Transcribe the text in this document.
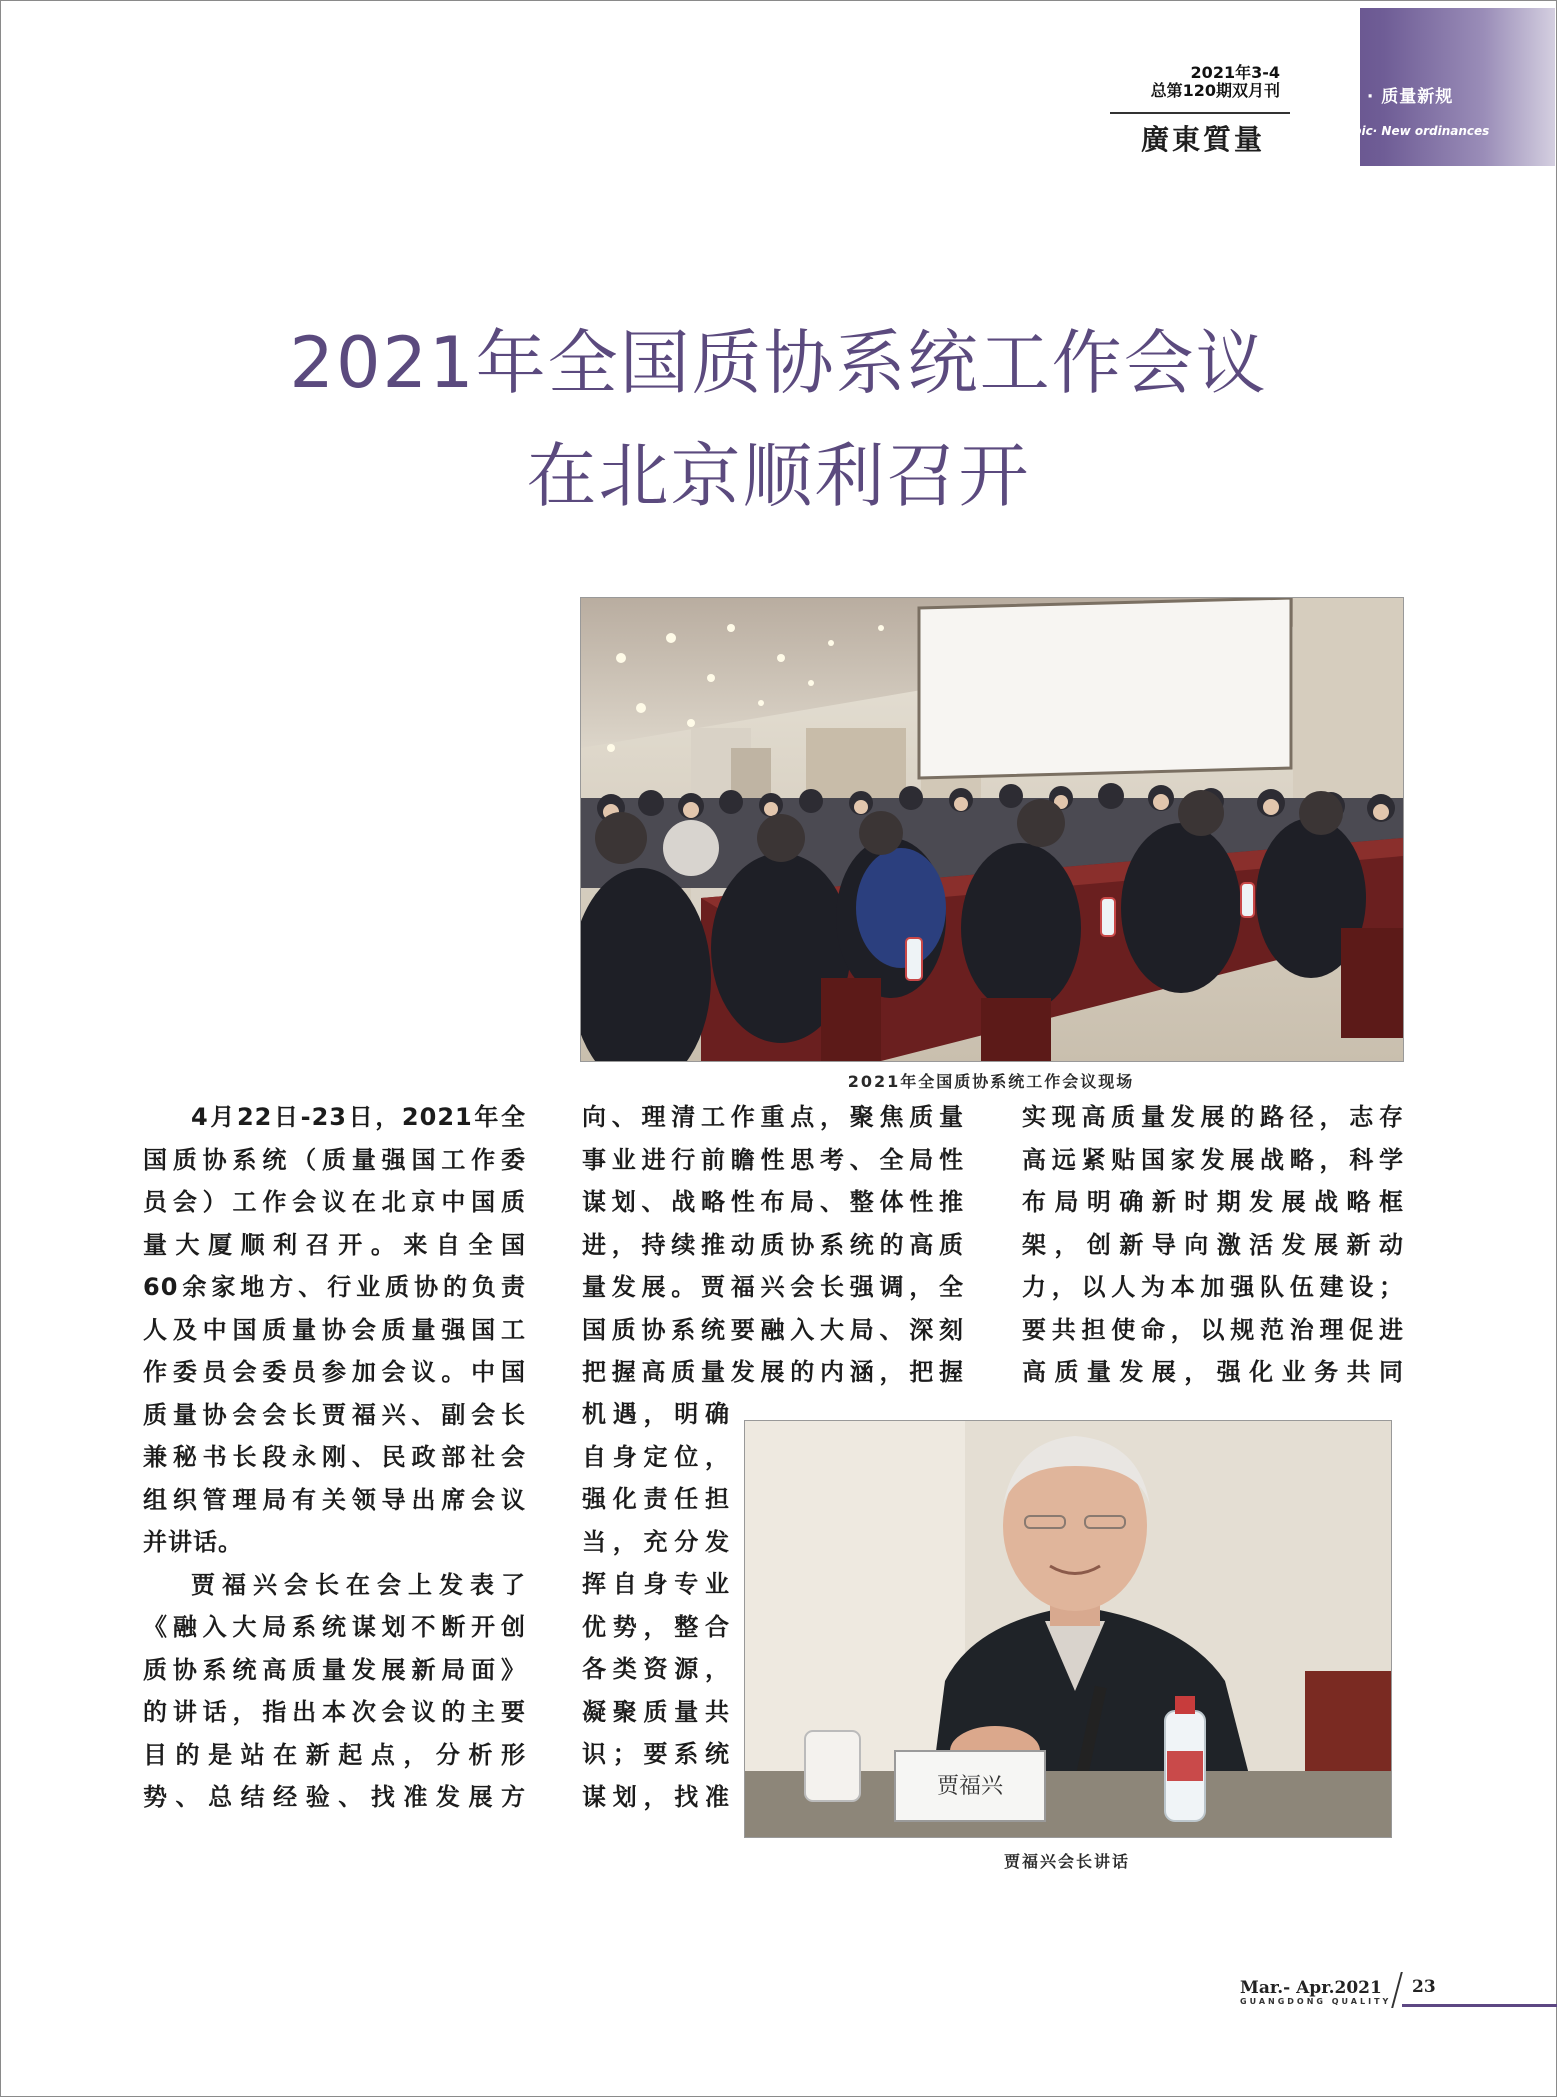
2021年3-4
总第120期双月刊
廣東質量
质量专题 · 质量新规
Special Topic· New ordinances
2021年全国质协系统工作会议
在北京顺利召开
2021年全国质协系统工作会议现场

4月22日-23日，2021年全

国质协系统（质量强国工作委

员会）工作会议在北京中国质

量大厦顺利召开。来自全国

60余家地方、行业质协的负责

人及中国质量协会质量强国工

作委员会委员参加会议。中国

质量协会会长贾福兴、副会长

兼秘书长段永刚、民政部社会

组织管理局有关领导出席会议

并讲话。

贾福兴会长在会上发表了

《融入大局系统谋划不断开创

质协系统高质量发展新局面》

的讲话，指出本次会议的主要

目的是站在新起点，分析形

势、总结经验、找准发展方

向、理清工作重点，聚焦质量

事业进行前瞻性思考、全局性

谋划、战略性布局、整体性推

进，持续推动质协系统的高质

量发展。贾福兴会长强调，全

国质协系统要融入大局、深刻

把握高质量发展的内涵，把握

机遇，明确

自身定位，

强化责任担

当，充分发

挥自身专业

优势，整合

各类资源，

凝聚质量共

识；要系统

谋划，找准

实现高质量发展的路径，志存

高远紧贴国家发展战略，科学

布局明确新时期发展战略框

架，创新导向激活发展新动

力，以人为本加强队伍建设；

要共担使命，以规范治理促进

高质量发展，强化业务共同

贾福兴
贾福兴会长讲话
Mar.- Apr.2021
GUANGDONG QUALITY
23
